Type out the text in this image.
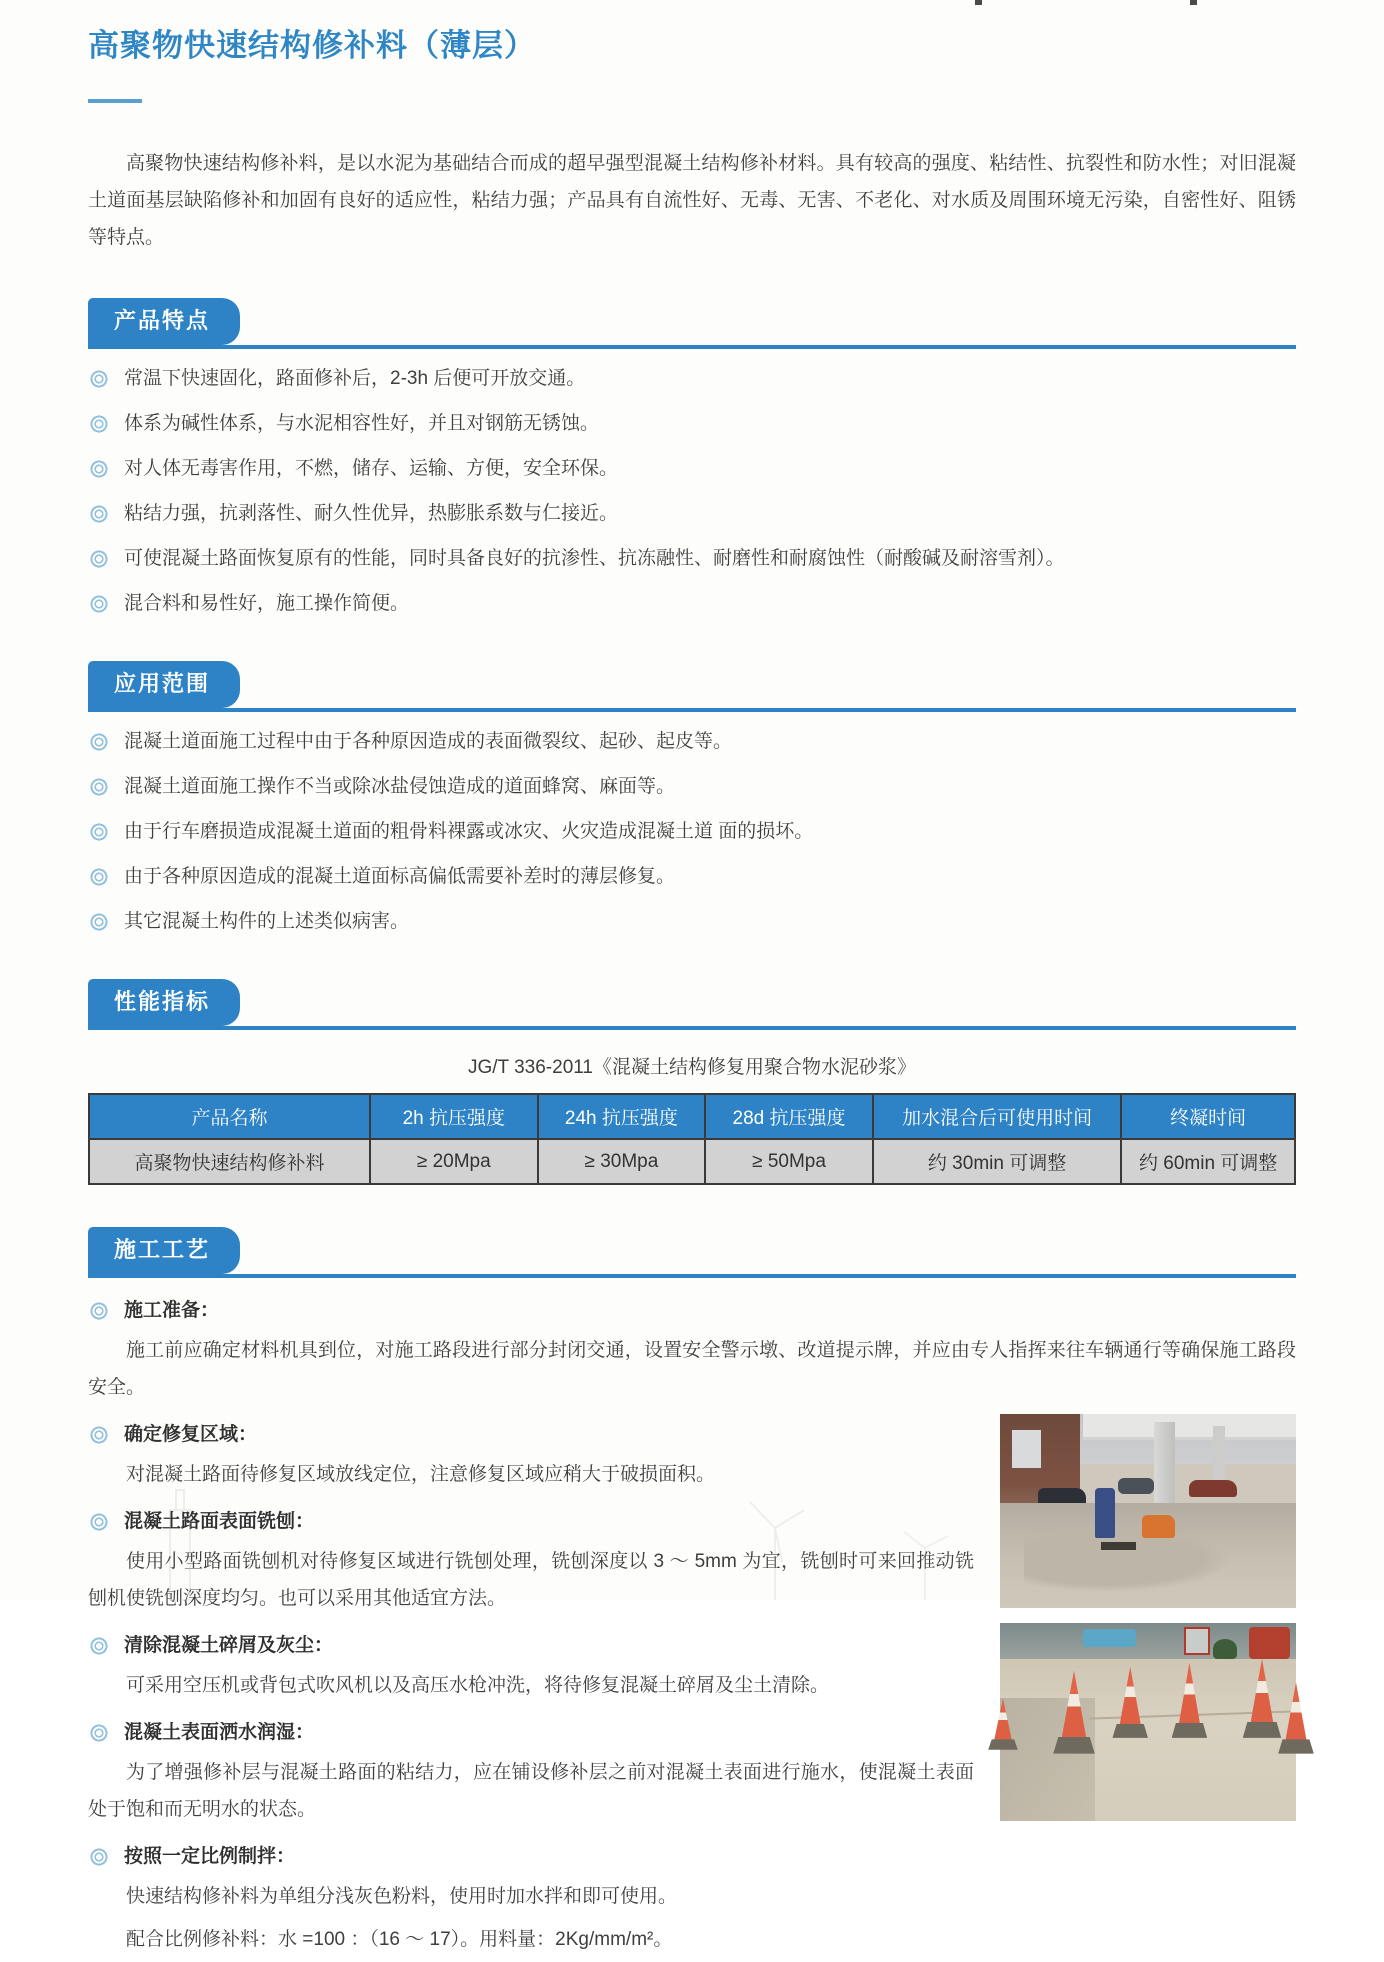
高聚物快速结构修补料（薄层）
高聚物快速结构修补料，是以水泥为基础结合而成的超早强型混凝土结构修补材料。具有较高的强度、粘结性、抗裂性和防水性；对旧混凝土道面基层缺陷修补和加固有良好的适应性，粘结力强；产品具有自流性好、无毒、无害、不老化、对水质及周围环境无污染，自密性好、阻锈等特点。
产品特点
常温下快速固化，路面修补后，2-3h 后便可开放交通。
体系为碱性体系，与水泥相容性好，并且对钢筋无锈蚀。
对人体无毒害作用，不燃，储存、运输、方便，安全环保。
粘结力强，抗剥落性、耐久性优异，热膨胀系数与仁接近。
可使混凝土路面恢复原有的性能，同时具备良好的抗渗性、抗冻融性、耐磨性和耐腐蚀性（耐酸碱及耐溶雪剂）。
混合料和易性好，施工操作简便。
应用范围
混凝土道面施工过程中由于各种原因造成的表面微裂纹、起砂、起皮等。
混凝土道面施工操作不当或除冰盐侵蚀造成的道面蜂窝、麻面等。
由于行车磨损造成混凝土道面的粗骨料裸露或冰灾、火灾造成混凝土道 面的损坏。
由于各种原因造成的混凝土道面标高偏低需要补差时的薄层修复。
其它混凝土构件的上述类似病害。
性能指标
JG/T 336-2011《混凝土结构修复用聚合物水泥砂浆》
产品名称	2h 抗压强度	24h 抗压强度	28d 抗压强度	加水混合后可使用时间	终凝时间
高聚物快速结构修补料	≥ 20Mpa	≥ 30Mpa	≥ 50Mpa	约 30min 可调整	约 60min 可调整
施工工艺
施工准备：
施工前应确定材料机具到位，对施工路段进行部分封闭交通，设置安全警示墩、改道提示牌，并应由专人指挥来往车辆通行等确保施工路段安全。
确定修复区域：
对混凝土路面待修复区域放线定位，注意修复区域应稍大于破损面积。
混凝土路面表面铣刨：
使用小型路面铣刨机对待修复区域进行铣刨处理，铣刨深度以 3 ～ 5mm 为宜，铣刨时可来回推动铣刨机使铣刨深度均匀。也可以采用其他适宜方法。
清除混凝土碎屑及灰尘：
可采用空压机或背包式吹风机以及高压水枪冲洗，将待修复混凝土碎屑及尘土清除。
混凝土表面洒水润湿：
为了增强修补层与混凝土路面的粘结力，应在铺设修补层之前对混凝土表面进行施水，使混凝土表面处于饱和而无明水的状态。
按照一定比例制拌：
快速结构修补料为单组分浅灰色粉料，使用时加水拌和即可使用。
配合比例修补料：水 =100 ：（16 ～ 17）。用料量：2Kg/mm/m²。
